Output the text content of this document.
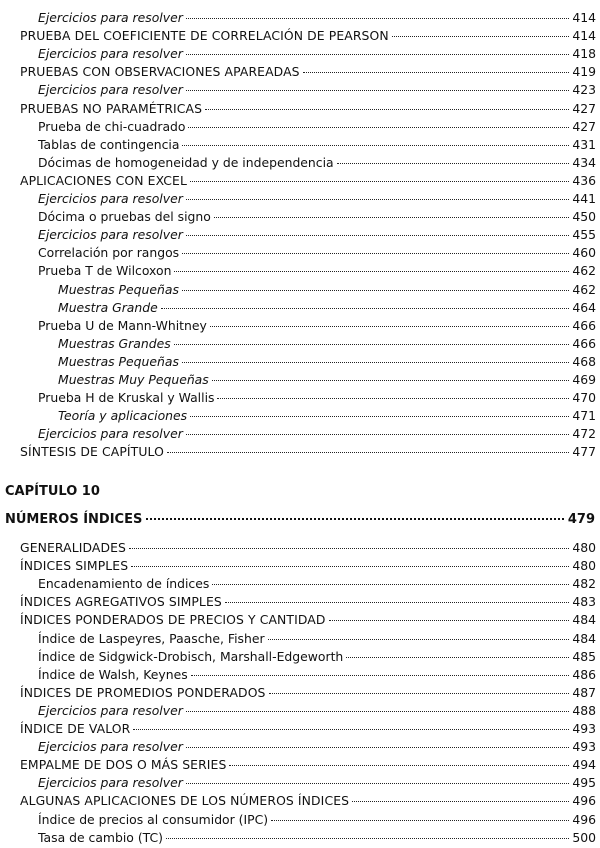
Ejercicios para resolver	414
PRUEBA DEL COEFICIENTE DE CORRELACIÓN DE PEARSON	414
Ejercicios para resolver	418
PRUEBAS CON OBSERVACIONES APAREADAS	419
Ejercicios para resolver	423
PRUEBAS NO PARAMÉTRICAS	427
Prueba de chi-cuadrado	427
Tablas de contingencia	431
Dócimas de homogeneidad y de independencia	434
APLICACIONES CON EXCEL	436
Ejercicios para resolver	441
Dócima o pruebas del signo	450
Ejercicios para resolver	455
Correlación por rangos	460
Prueba T de Wilcoxon	462
Muestras Pequeñas	462
Muestra Grande	464
Prueba U de Mann-Whitney	466
Muestras Grandes	466
Muestras Pequeñas	468
Muestras Muy Pequeñas	469
Prueba H de Kruskal y Wallis	470
Teoría y aplicaciones	471
Ejercicios para resolver	472
SÍNTESIS DE CAPÍTULO	477
CAPÍTULO 10
NÚMEROS ÍNDICES	479
GENERALIDADES	480
ÍNDICES SIMPLES	480
Encadenamiento de índices	482
ÍNDICES AGREGATIVOS SIMPLES	483
ÍNDICES PONDERADOS DE PRECIOS Y CANTIDAD	484
Índice de Laspeyres, Paasche, Fisher	484
Índice de Sidgwick-Drobisch, Marshall-Edgeworth	485
Índice de Walsh, Keynes	486
ÍNDICES DE PROMEDIOS PONDERADOS	487
Ejercicios para resolver	488
ÍNDICE DE VALOR	493
Ejercicios para resolver	493
EMPALME DE DOS O MÁS SERIES	494
Ejercicios para resolver	495
ALGUNAS APLICACIONES DE LOS NÚMEROS ÍNDICES	496
Índice de precios al consumidor (IPC)	496
Tasa de cambio (TC)	500
